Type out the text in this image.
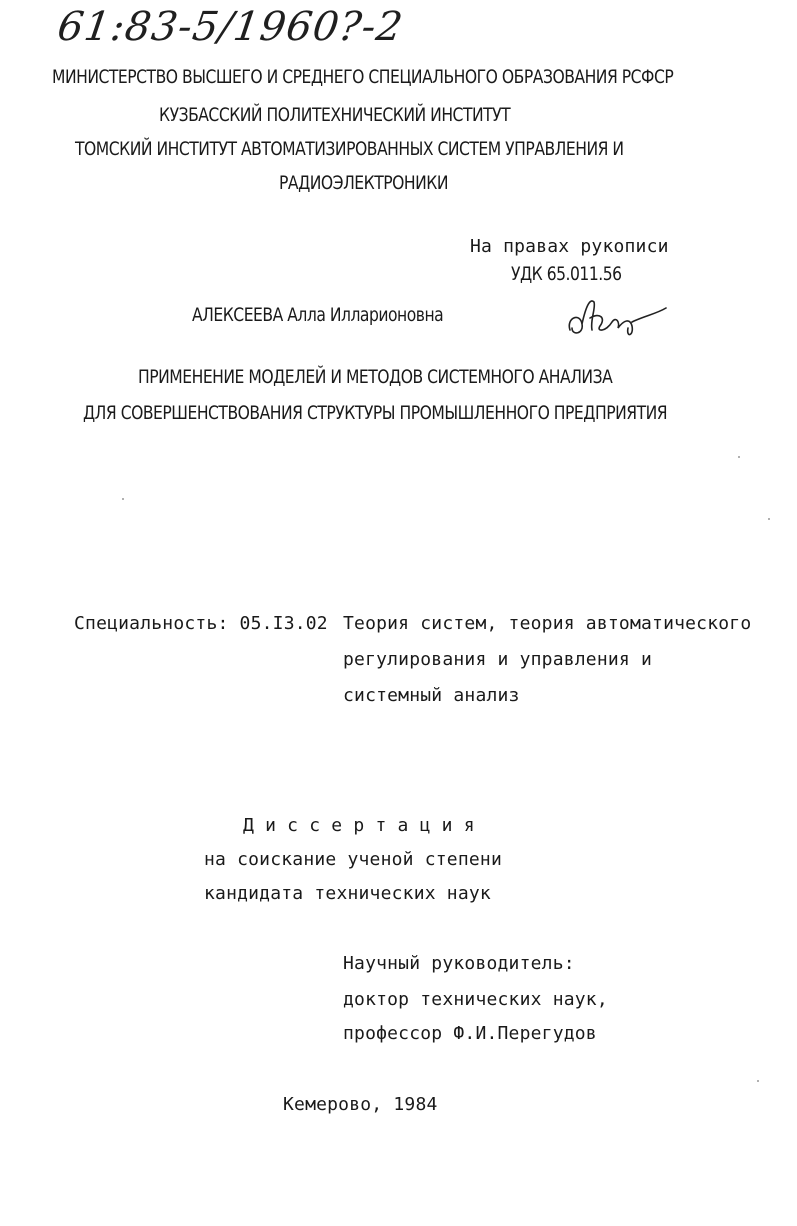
61:83-5/1960?-2
МИНИСТЕРСТВО ВЫСШЕГО И СРЕДНЕГО СПЕЦИАЛЬНОГО ОБРАЗОВАНИЯ РСФСР
КУЗБАССКИЙ ПОЛИТЕХНИЧЕСКИЙ ИНСТИТУТ
ТОМСКИЙ ИНСТИТУТ АВТОМАТИЗИРОВАННЫХ СИСТЕМ УПРАВЛЕНИЯ И
РАДИОЭЛЕКТРОНИКИ
На правах рукописи
УДК 65.011.56
АЛЕКСЕЕВА Алла Илларионовна
ПРИМЕНЕНИЕ МОДЕЛЕЙ И МЕТОДОВ СИСТЕМНОГО АНАЛИЗА
ДЛЯ СОВЕРШЕНСТВОВАНИЯ СТРУКТУРЫ ПРОМЫШЛЕННОГО ПРЕДПРИЯТИЯ
Специальность: 05.I3.02 Теория систем, теория автоматического
регулирования и управления и
системный анализ
Д и с с е р т а ц и я
на соискание ученой степени
кандидата технических наук
Научный руководитель:
доктор технических наук,
профессор Ф.И.Перегудов
Кемерово, 1984
